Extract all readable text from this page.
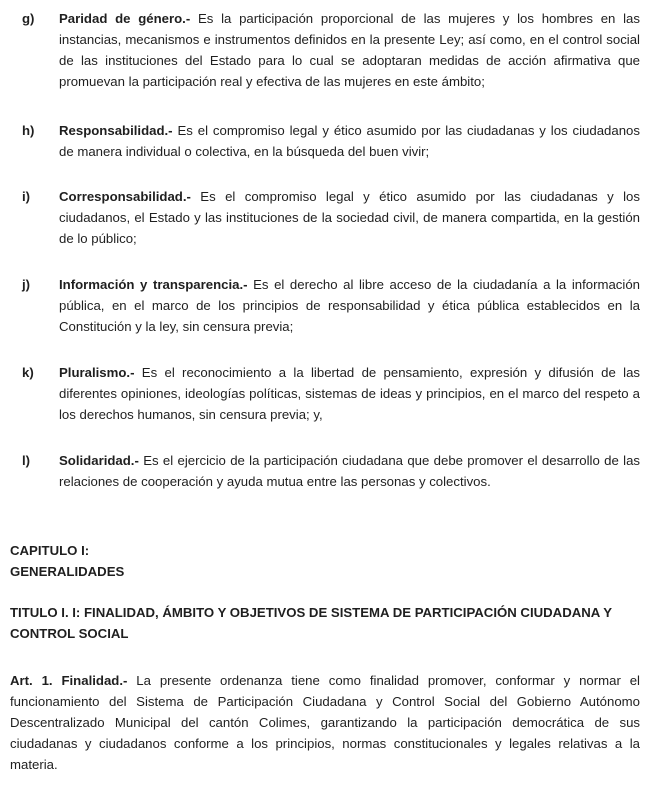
g) Paridad de género.- Es la participación proporcional de las mujeres y los hombres en las instancias, mecanismos e instrumentos definidos en la presente Ley; así como, en el control social de las instituciones del Estado para lo cual se adoptaran medidas de acción afirmativa que promuevan la participación real y efectiva de las mujeres en este ámbito;
h) Responsabilidad.- Es el compromiso legal y ético asumido por las ciudadanas y los ciudadanos de manera individual o colectiva, en la búsqueda del buen vivir;
i) Corresponsabilidad.- Es el compromiso legal y ético asumido por las ciudadanas y los ciudadanos, el Estado y las instituciones de la sociedad civil, de manera compartida, en la gestión de lo público;
j) Información y transparencia.- Es el derecho al libre acceso de la ciudadanía a la información pública, en el marco de los principios de responsabilidad y ética pública establecidos en la Constitución y la ley, sin censura previa;
k) Pluralismo.- Es el reconocimiento a la libertad de pensamiento, expresión y difusión de las diferentes opiniones, ideologías políticas, sistemas de ideas y principios, en el marco del respeto a los derechos humanos, sin censura previa; y,
l) Solidaridad.- Es el ejercicio de la participación ciudadana que debe promover el desarrollo de las relaciones de cooperación y ayuda mutua entre las personas y colectivos.
CAPITULO I:
GENERALIDADES
TITULO I. I: FINALIDAD, ÁMBITO Y OBJETIVOS DE SISTEMA DE PARTICIPACIÓN CIUDADANA Y CONTROL SOCIAL
Art. 1. Finalidad.- La presente ordenanza tiene como finalidad promover, conformar y normar el funcionamiento del Sistema de Participación Ciudadana y Control Social del Gobierno Autónomo Descentralizado Municipal del cantón Colimes, garantizando la participación democrática de sus ciudadanas y ciudadanos conforme a los principios, normas constitucionales y legales relativas a la materia.
